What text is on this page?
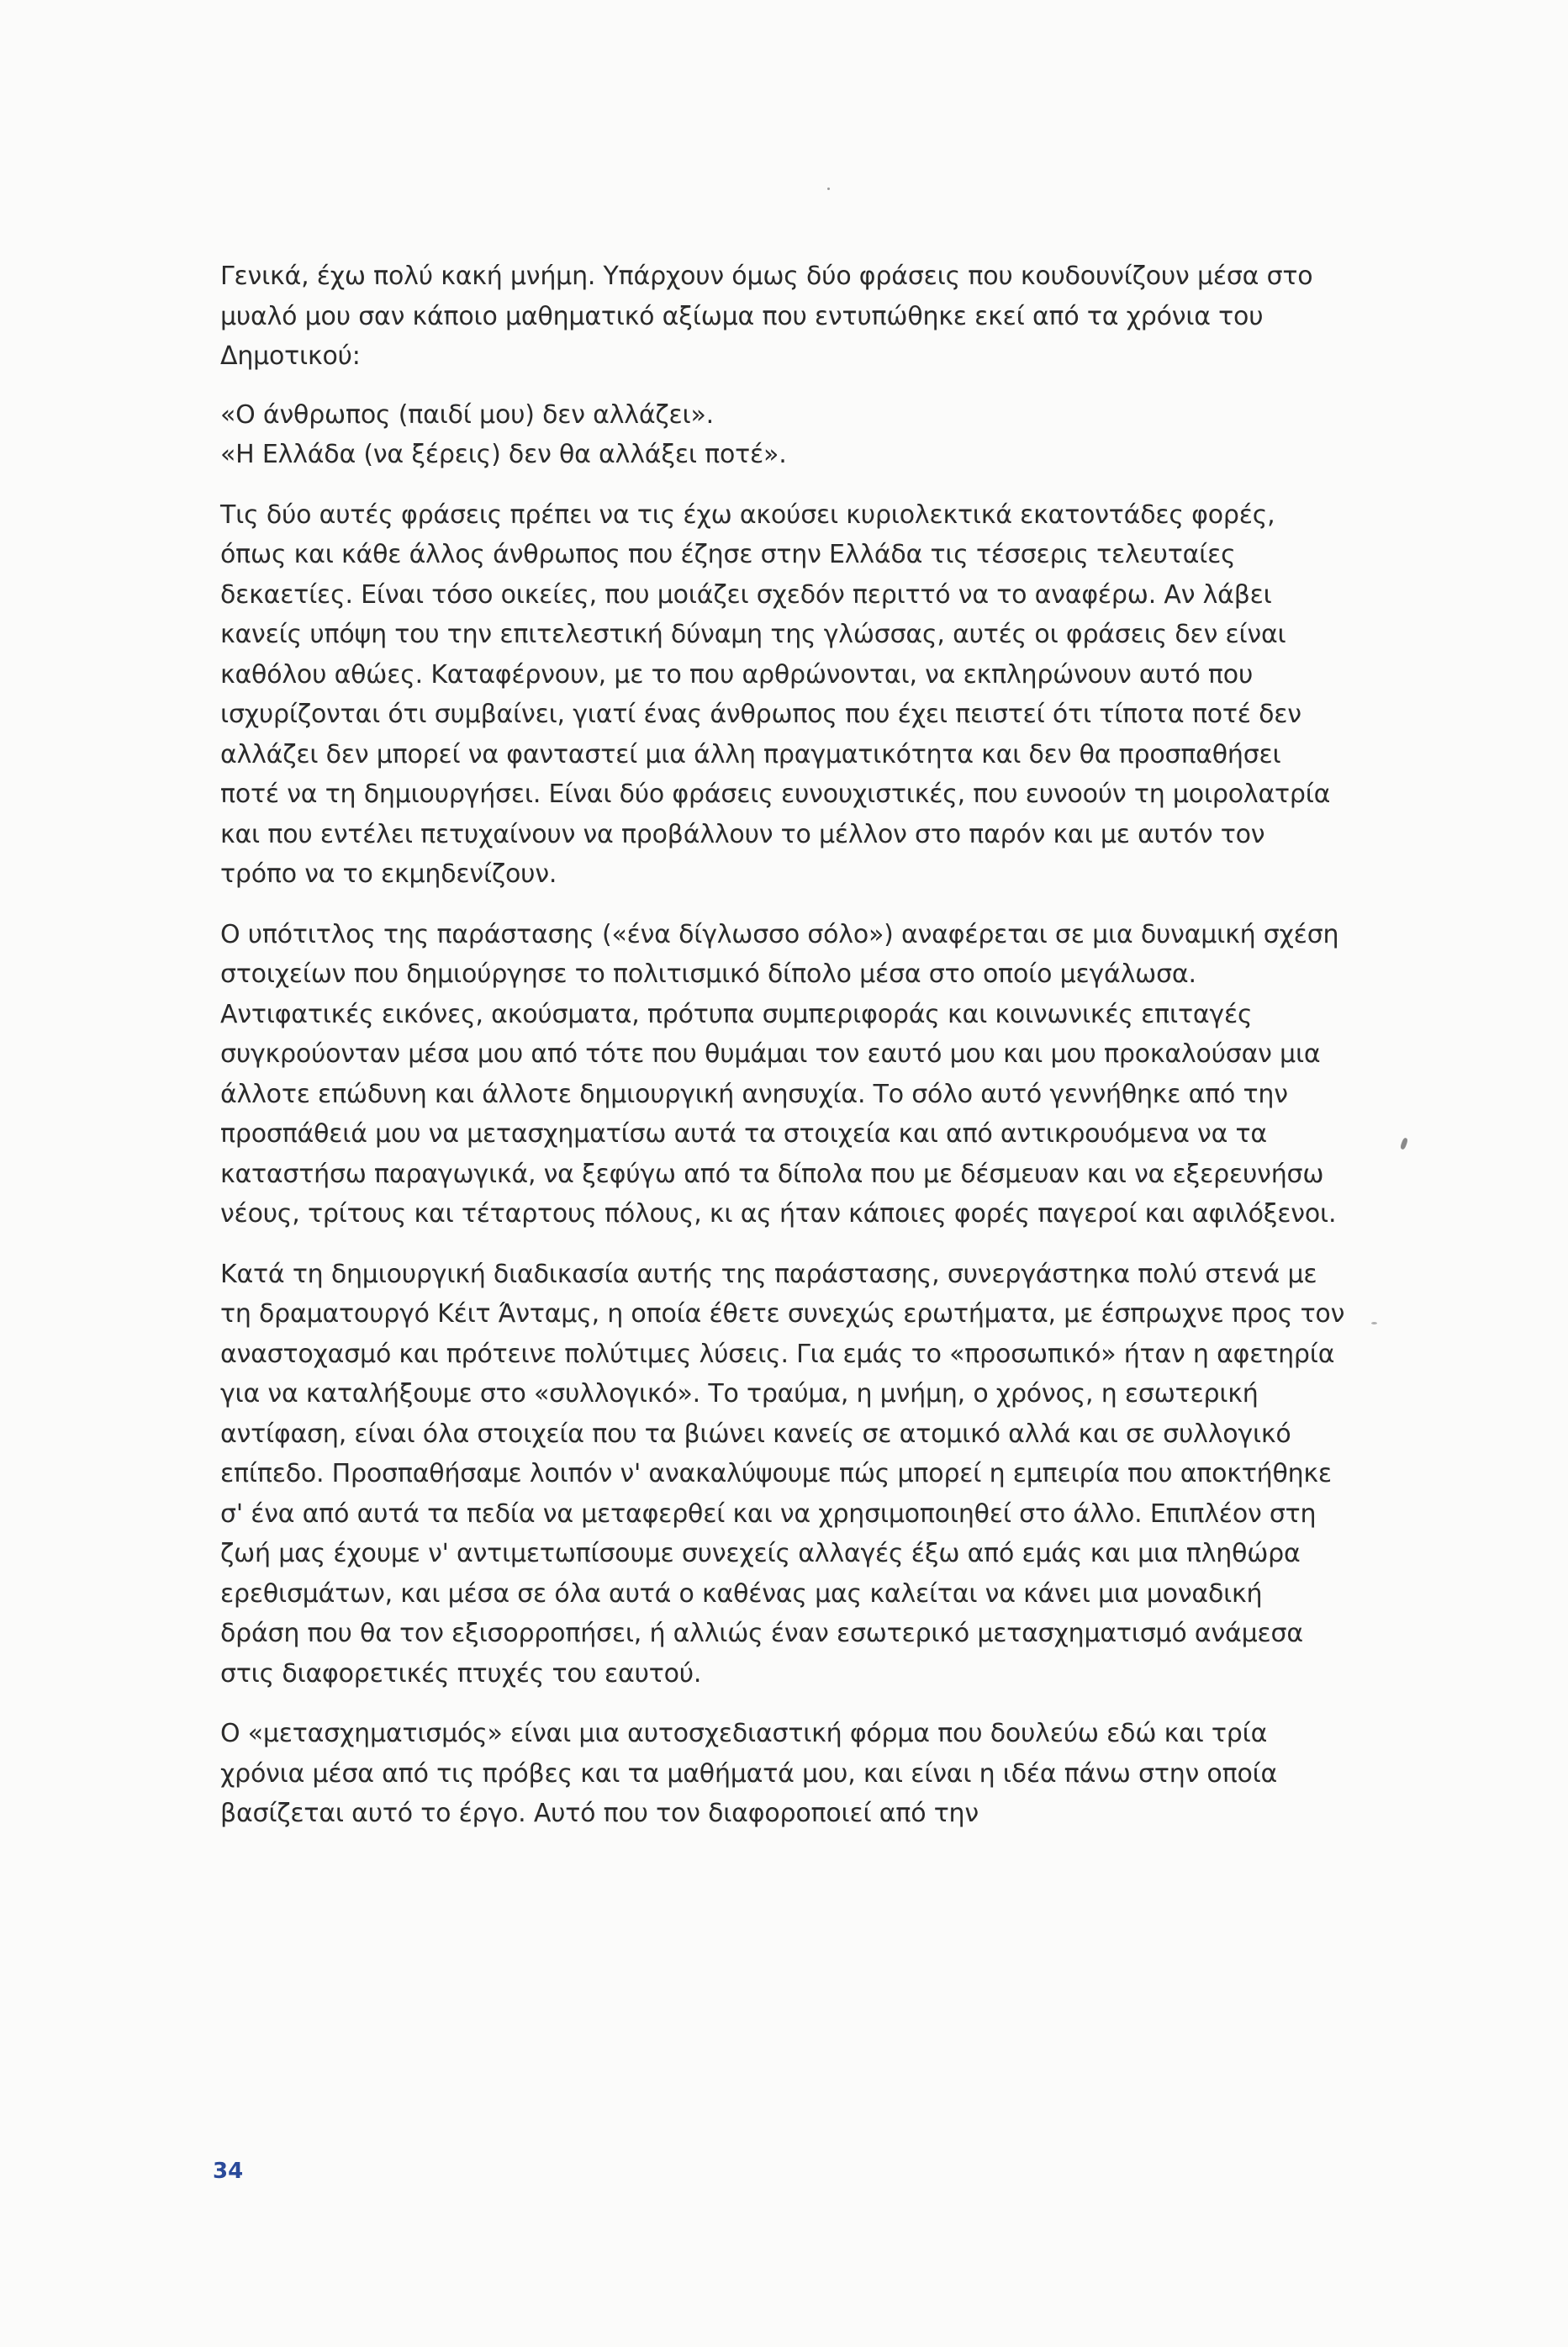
Γενικά, έχω πολύ κακή μνήμη. Υπάρχουν όμως δύο φράσεις που κουδουνίζουν μέσα στο μυαλό μου σαν κάποιο μαθηματικό αξίωμα που εντυπώθηκε εκεί από τα χρόνια του Δημοτικού:

«Ο άνθρωπος (παιδί μου) δεν αλλάζει».
«Η Ελλάδα (να ξέρεις) δεν θα αλλάξει ποτέ».

Τις δύο αυτές φράσεις πρέπει να τις έχω ακούσει κυριολεκτικά εκατοντάδες φορές, όπως και κάθε άλλος άνθρωπος που έζησε στην Ελλάδα τις τέσσερις τελευταίες δεκαετίες. Είναι τόσο οικείες, που μοιάζει σχεδόν περιττό να το αναφέρω. Αν λάβει κανείς υπόψη του την επιτελεστική δύναμη της γλώσσας, αυτές οι φράσεις δεν είναι καθόλου αθώες. Καταφέρνουν, με το που αρθρώνονται, να εκπληρώνουν αυτό που ισχυρίζονται ότι συμβαίνει, γιατί ένας άνθρωπος που έχει πειστεί ότι τίποτα ποτέ δεν αλλάζει δεν μπορεί να φανταστεί μια άλλη πραγματικότητα και δεν θα προσπαθήσει ποτέ να τη δημιουργήσει. Είναι δύο φράσεις ευνουχιστικές, που ευνοούν τη μοιρολατρία και που εντέλει πετυχαίνουν να προβάλλουν το μέλλον στο παρόν και με αυτόν τον τρόπο να το εκμηδενίζουν.

Ο υπότιτλος της παράστασης («ένα δίγλωσσο σόλο») αναφέρεται σε μια δυναμική σχέση στοιχείων που δημιούργησε το πολιτισμικό δίπολο μέσα στο οποίο μεγάλωσα. Αντιφατικές εικόνες, ακούσματα, πρότυπα συμπεριφοράς και κοινωνικές επιταγές συγκρούονταν μέσα μου από τότε που θυμάμαι τον εαυτό μου και μου προκαλούσαν μια άλλοτε επώδυνη και άλλοτε δημιουργική ανησυχία. Το σόλο αυτό γεννήθηκε από την προσπάθειά μου να μετασχηματίσω αυτά τα στοιχεία και από αντικρουόμενα να τα καταστήσω παραγωγικά, να ξεφύγω από τα δίπολα που με δέσμευαν και να εξερευνήσω νέους, τρίτους και τέταρτους πόλους, κι ας ήταν κάποιες φορές παγεροί και αφιλόξενοι.

Κατά τη δημιουργική διαδικασία αυτής της παράστασης, συνεργάστηκα πολύ στενά με τη δραματουργό Κέιτ Άνταμς, η οποία έθετε συνεχώς ερωτήματα, με έσπρωχνε προς τον αναστοχασμό και πρότεινε πολύτιμες λύσεις. Για εμάς το «προσωπικό» ήταν η αφετηρία για να καταλήξουμε στο «συλλογικό». Το τραύμα, η μνήμη, ο χρόνος, η εσωτερική αντίφαση, είναι όλα στοιχεία που τα βιώνει κανείς σε ατομικό αλλά και σε συλλογικό επίπεδο. Προσπαθήσαμε λοιπόν ν' ανακαλύψουμε πώς μπορεί η εμπειρία που αποκτήθηκε σ' ένα από αυτά τα πεδία να μεταφερθεί και να χρησιμοποιηθεί στο άλλο. Επιπλέον στη ζωή μας έχουμε ν' αντιμετωπίσουμε συνεχείς αλλαγές έξω από εμάς και μια πληθώρα ερεθισμάτων, και μέσα σε όλα αυτά ο καθένας μας καλείται να κάνει μια μοναδική δράση που θα τον εξισορροπήσει, ή αλλιώς έναν εσωτερικό μετασχηματισμό ανάμεσα στις διαφορετικές πτυχές του εαυτού.

Ο «μετασχηματισμός» είναι μια αυτοσχεδιαστική φόρμα που δουλεύω εδώ και τρία χρόνια μέσα από τις πρόβες και τα μαθήματά μου, και είναι η ιδέα πάνω στην οποία βασίζεται αυτό το έργο. Αυτό που τον διαφοροποιεί από την

34
